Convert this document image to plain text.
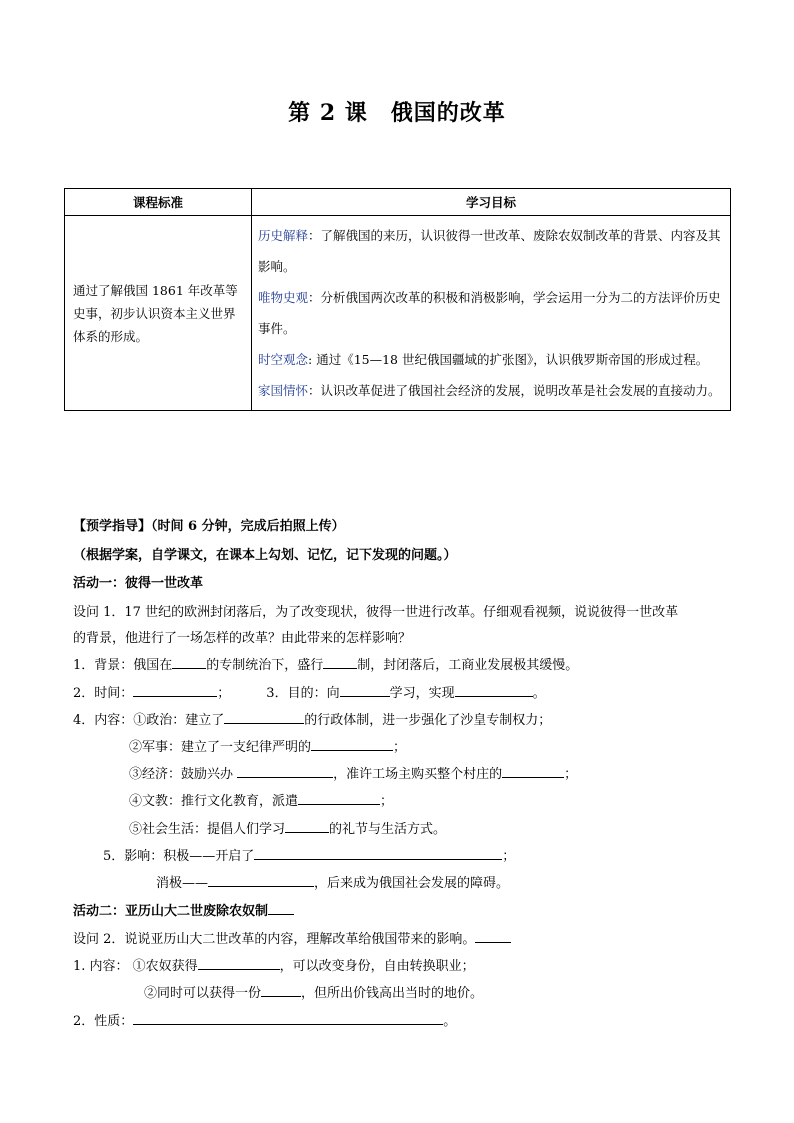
第 2 课　俄国的改革
课程标准	学习目标
通过了解俄国 1861 年改革等史事，初步认识资本主义世界体系的形成。	历史解释：了解俄国的来历，认识彼得一世改革、废除农奴制改革的背景、内容及其影响。
唯物史观：分析俄国两次改革的积极和消极影响，学会运用一分为二的方法评价历史事件。
时空观念: 通过《15—18 世纪俄国疆域的扩张图》，认识俄罗斯帝国的形成过程。
家国情怀：认识改革促进了俄国社会经济的发展，说明改革是社会发展的直接动力。
【预学指导】（时间 6 分钟，完成后拍照上传）
（根据学案，自学课文，在课本上勾划、记忆，记下发现的问题。）
活动一：彼得一世改革
设问 1．17 世纪的欧洲封闭落后，为了改变现状，彼得一世进行改革。仔细观看视频，说说彼得一世改革
的背景，他进行了一场怎样的改革？由此带来的怎样影响？
1．背景：俄国在	的专制统治下，盛行	制，封闭落后，工商业发展极其缓慢。
2．时间：	；	3．目的：向	学习，实现	。
4．内容：①政治：建立了	的行政体制，进一步强化了沙皇专制权力；
②军事：建立了一支纪律严明的	；
③经济：鼓励兴办	，准许工场主购买整个村庄的	；
④文教：推行文化教育，派遣	；
⑤社会生活：提倡人们学习	的礼节与生活方式。
5．影响：积极——开启了	；
消极——	，后来成为俄国社会发展的障碍。
活动二：亚历山大二世废除农奴制
设问 2．说说亚历山大二世改革的内容，理解改革给俄国带来的影响。
1. 内容： ①农奴获得	，可以改变身份，自由转换职业；
②同时可以获得一份	，但所出价钱高出当时的地价。
2．性质：	。
